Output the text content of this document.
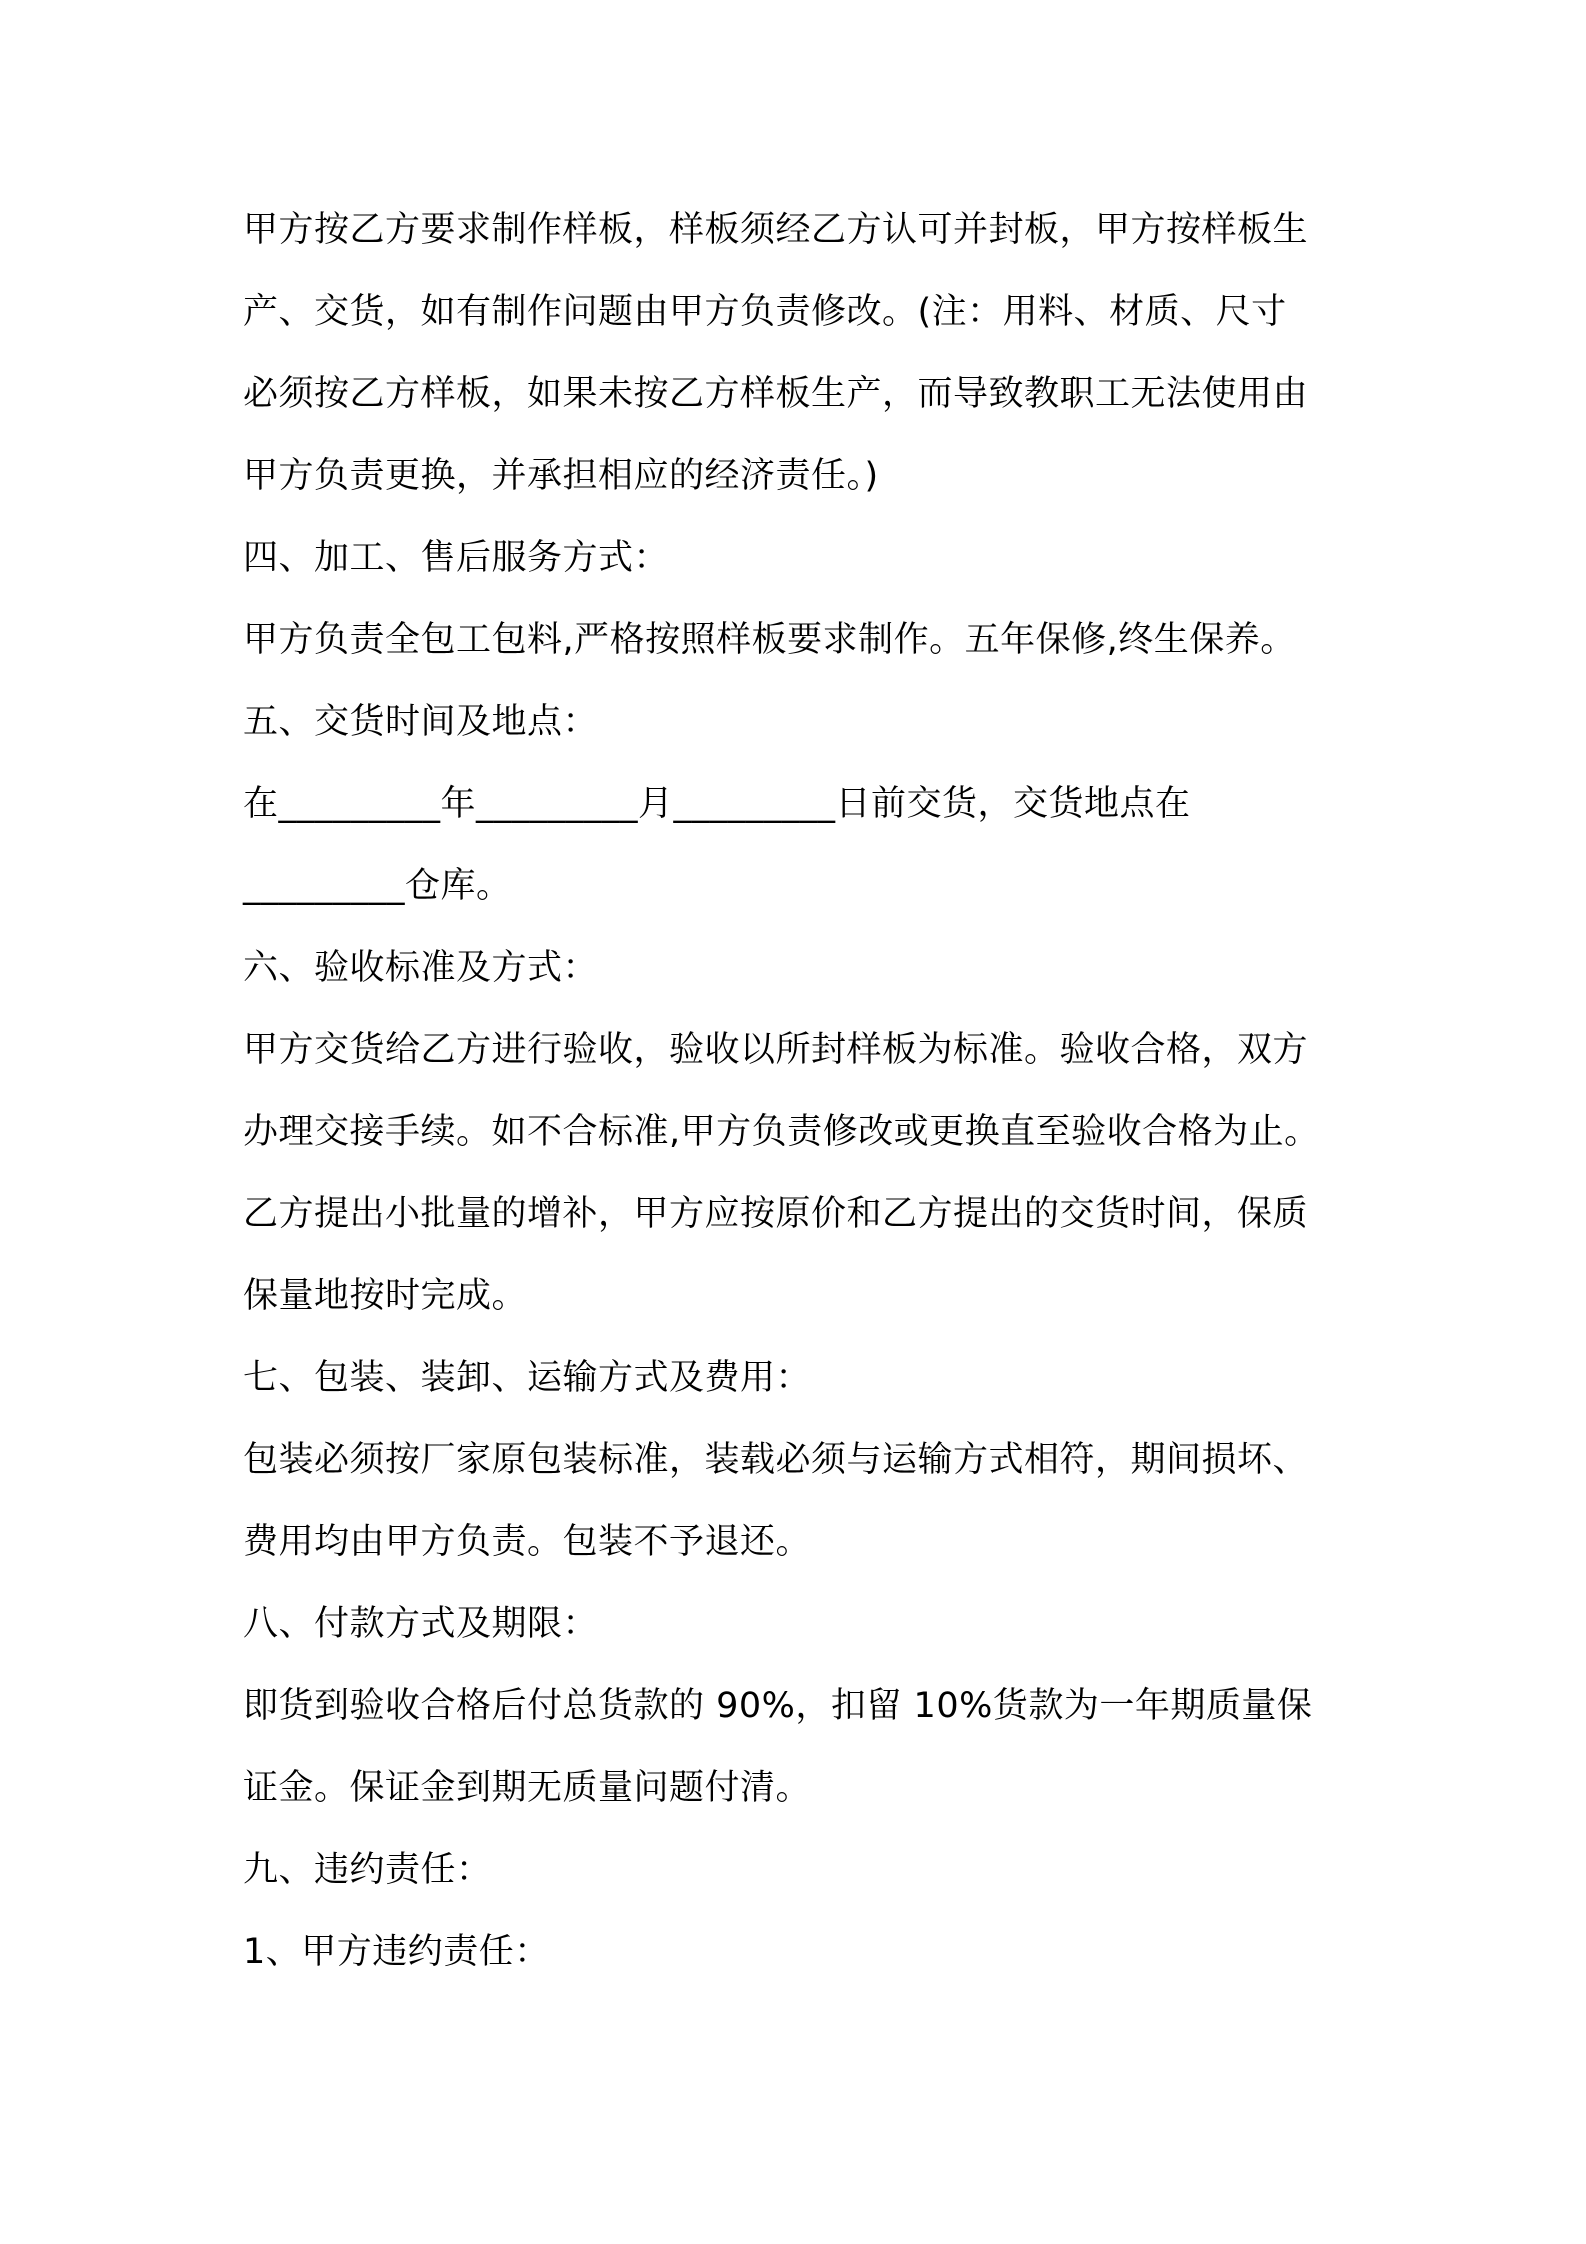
甲方按乙方要求制作样板，样板须经乙方认可并封板，甲方按样板生
产、交货，如有制作问题由甲方负责修改。(注：用料、材质、尺寸
必须按乙方样板，如果未按乙方样板生产，而导致教职工无法使用由
甲方负责更换，并承担相应的经济责任。)
四、加工、售后服务方式：
甲方负责全包工包料,严格按照样板要求制作。五年保修,终生保养。
五、交货时间及地点：
在_________年_________月_________日前交货，交货地点在
_________仓库。
六、验收标准及方式：
甲方交货给乙方进行验收，验收以所封样板为标准。验收合格，双方
办理交接手续。如不合标准,甲方负责修改或更换直至验收合格为止。
乙方提出小批量的增补，甲方应按原价和乙方提出的交货时间，保质
保量地按时完成。
七、包装、装卸、运输方式及费用：
包装必须按厂家原包装标准，装载必须与运输方式相符，期间损坏、
费用均由甲方负责。包装不予退还。
八、付款方式及期限：
即货到验收合格后付总货款的 90%，扣留 10%货款为一年期质量保
证金。保证金到期无质量问题付清。
九、违约责任：
1、甲方违约责任：
